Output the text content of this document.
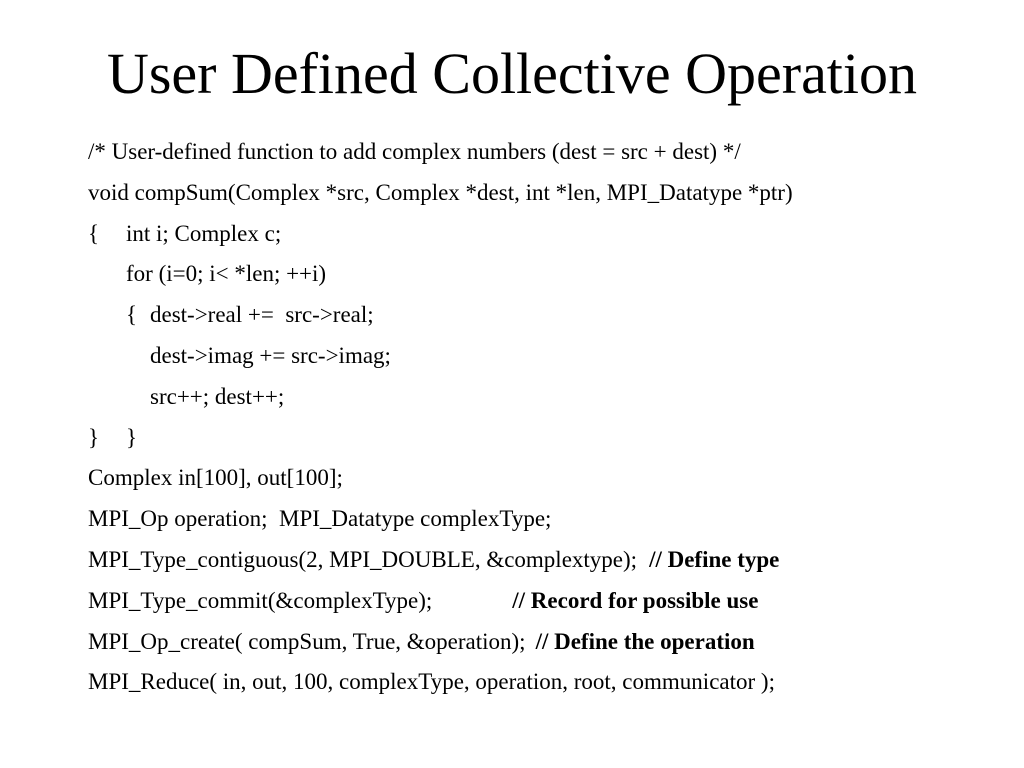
User Defined Collective Operation
/* User-defined function to add complex numbers (dest = src + dest) */
void compSum(Complex *src, Complex *dest, int *len, MPI_Datatype *ptr)
{ int i; Complex c;
for (i=0; i< *len; ++i)
{ dest->real +=  src->real;
dest->imag += src->imag;
src++; dest++;
} }
Complex in[100], out[100];
MPI_Op operation;  MPI_Datatype complexType;
MPI_Type_contiguous(2, MPI_DOUBLE, &complextype); // Define type
MPI_Type_commit(&complexType);	// Record for possible use
MPI_Op_create( compSum, True, &operation); // Define the operation
MPI_Reduce( in, out, 100, complexType, operation, root, communicator );
